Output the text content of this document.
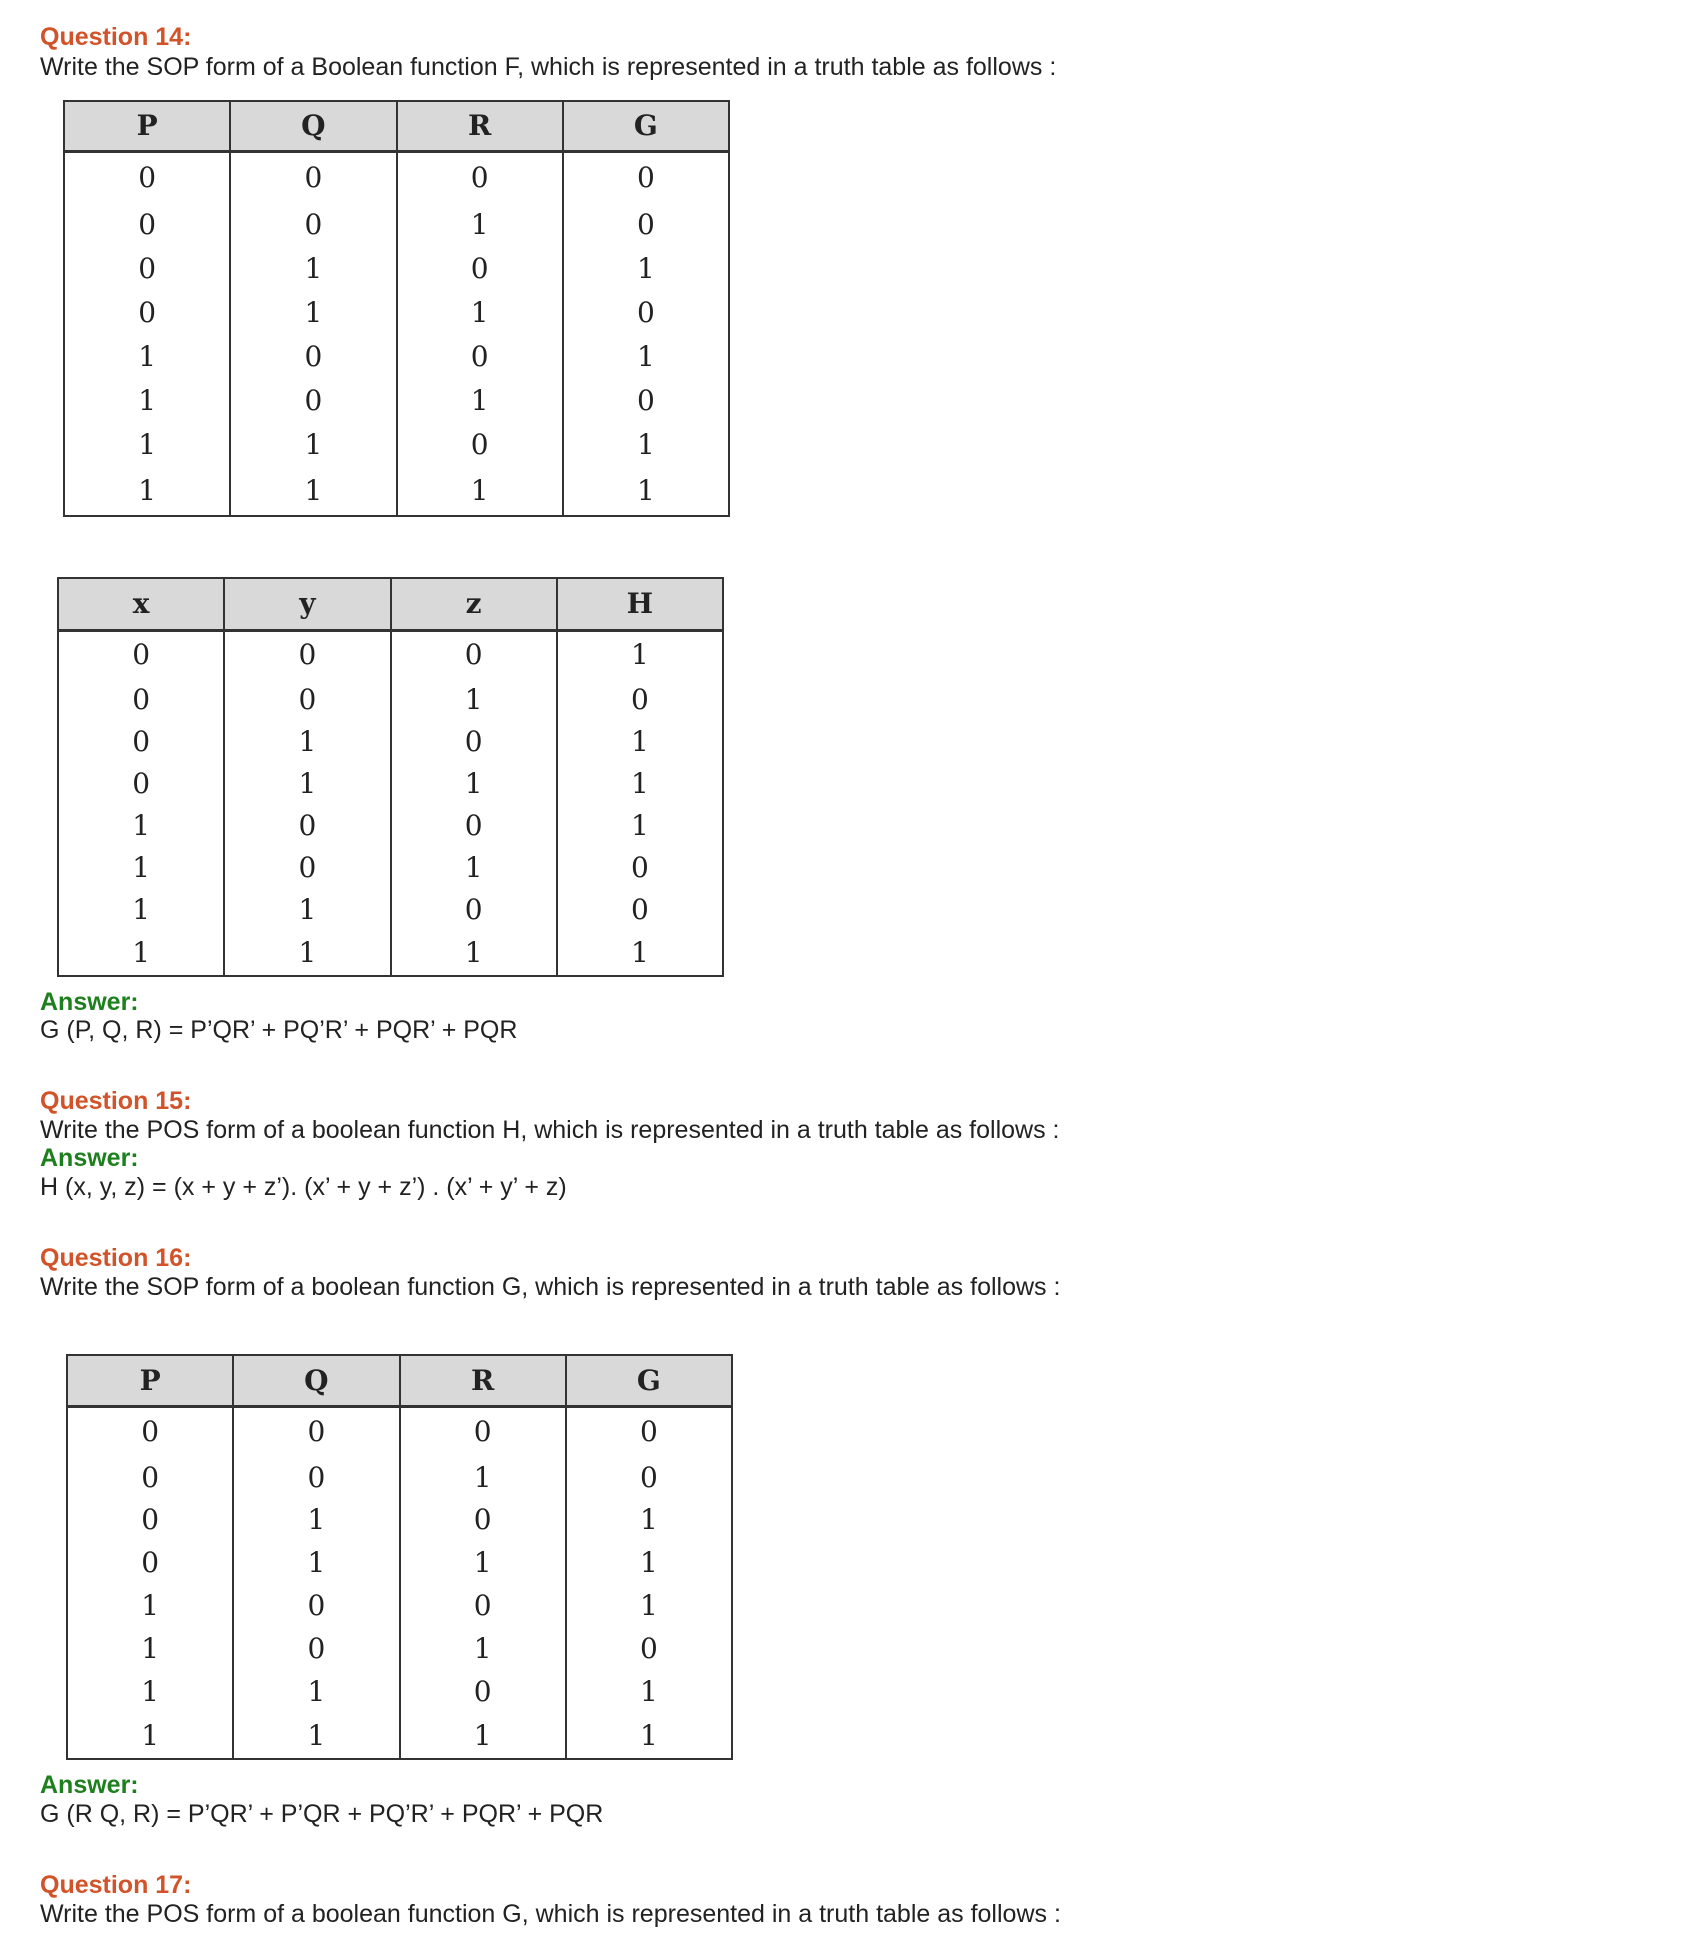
Question 14:
Write the SOP form of a Boolean function F, which is represented in a truth table as follows :
P	Q	R	G
0	0	0	0
0	0	1	0
0	1	0	1
0	1	1	0
1	0	0	1
1	0	1	0
1	1	0	1
1	1	1	1
x	y	z	H
0	0	0	1
0	0	1	0
0	1	0	1
0	1	1	1
1	0	0	1
1	0	1	0
1	1	0	0
1	1	1	1
Answer:
G (P, Q, R) = P’QR’ + PQ’R’ + PQR’ + PQR
Question 15:
Write the POS form of a boolean function H, which is represented in a truth table as follows :
Answer:
H (x, y, z) = (x + y + z’). (x’ + y + z’) . (x’ + y’ + z)
Question 16:
Write the SOP form of a boolean function G, which is represented in a truth table as follows :
P	Q	R	G
0	0	0	0
0	0	1	0
0	1	0	1
0	1	1	1
1	0	0	1
1	0	1	0
1	1	0	1
1	1	1	1
Answer:
G (R Q, R) = P’QR’ + P’QR + PQ’R’ + PQR’ + PQR
Question 17:
Write the POS form of a boolean function G, which is represented in a truth table as follows :
